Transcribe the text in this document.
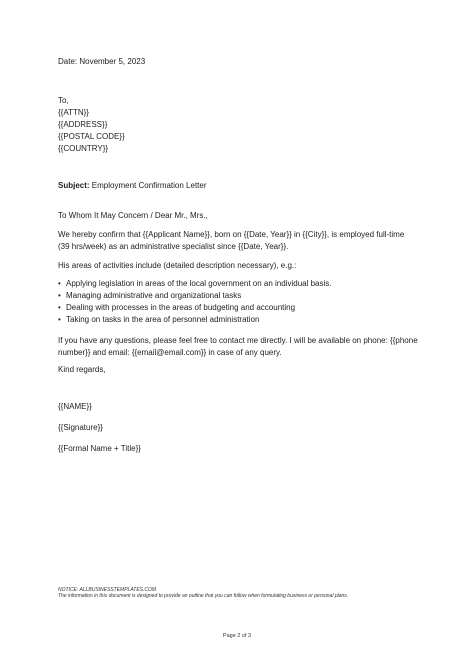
Date: November 5, 2023
To,
{{ATTN}}
{{ADDRESS}}
{{POSTAL CODE}}
{{COUNTRY}}
Subject: Employment Confirmation Letter
To Whom It May Concern / Dear Mr., Mrs.,
We hereby confirm that {{Applicant Name}}, born on {{Date, Year}} in {{City}}, is employed full-time
(39 hrs/week) as an administrative specialist since {{Date, Year}}.
His areas of activities include (detailed description necessary), e.g.:
• Applying legislation in areas of the local government on an individual basis.
• Managing administrative and organizational tasks
• Dealing with processes in the areas of budgeting and accounting
• Taking on tasks in the area of personnel administration
If you have any questions, please feel free to contact me directly. I will be available on phone: {{phone
number}} and email: {{email@email.com}} in case of any query.
Kind regards,
{{NAME}}
{{Signature}}
{{Formal Name + Title}}
NOTICE: ALLBUSINESSTEMPLATES.COM
The information in this document is designed to provide an outline that you can follow when formulating business or personal plans.
Page 2 of 3
